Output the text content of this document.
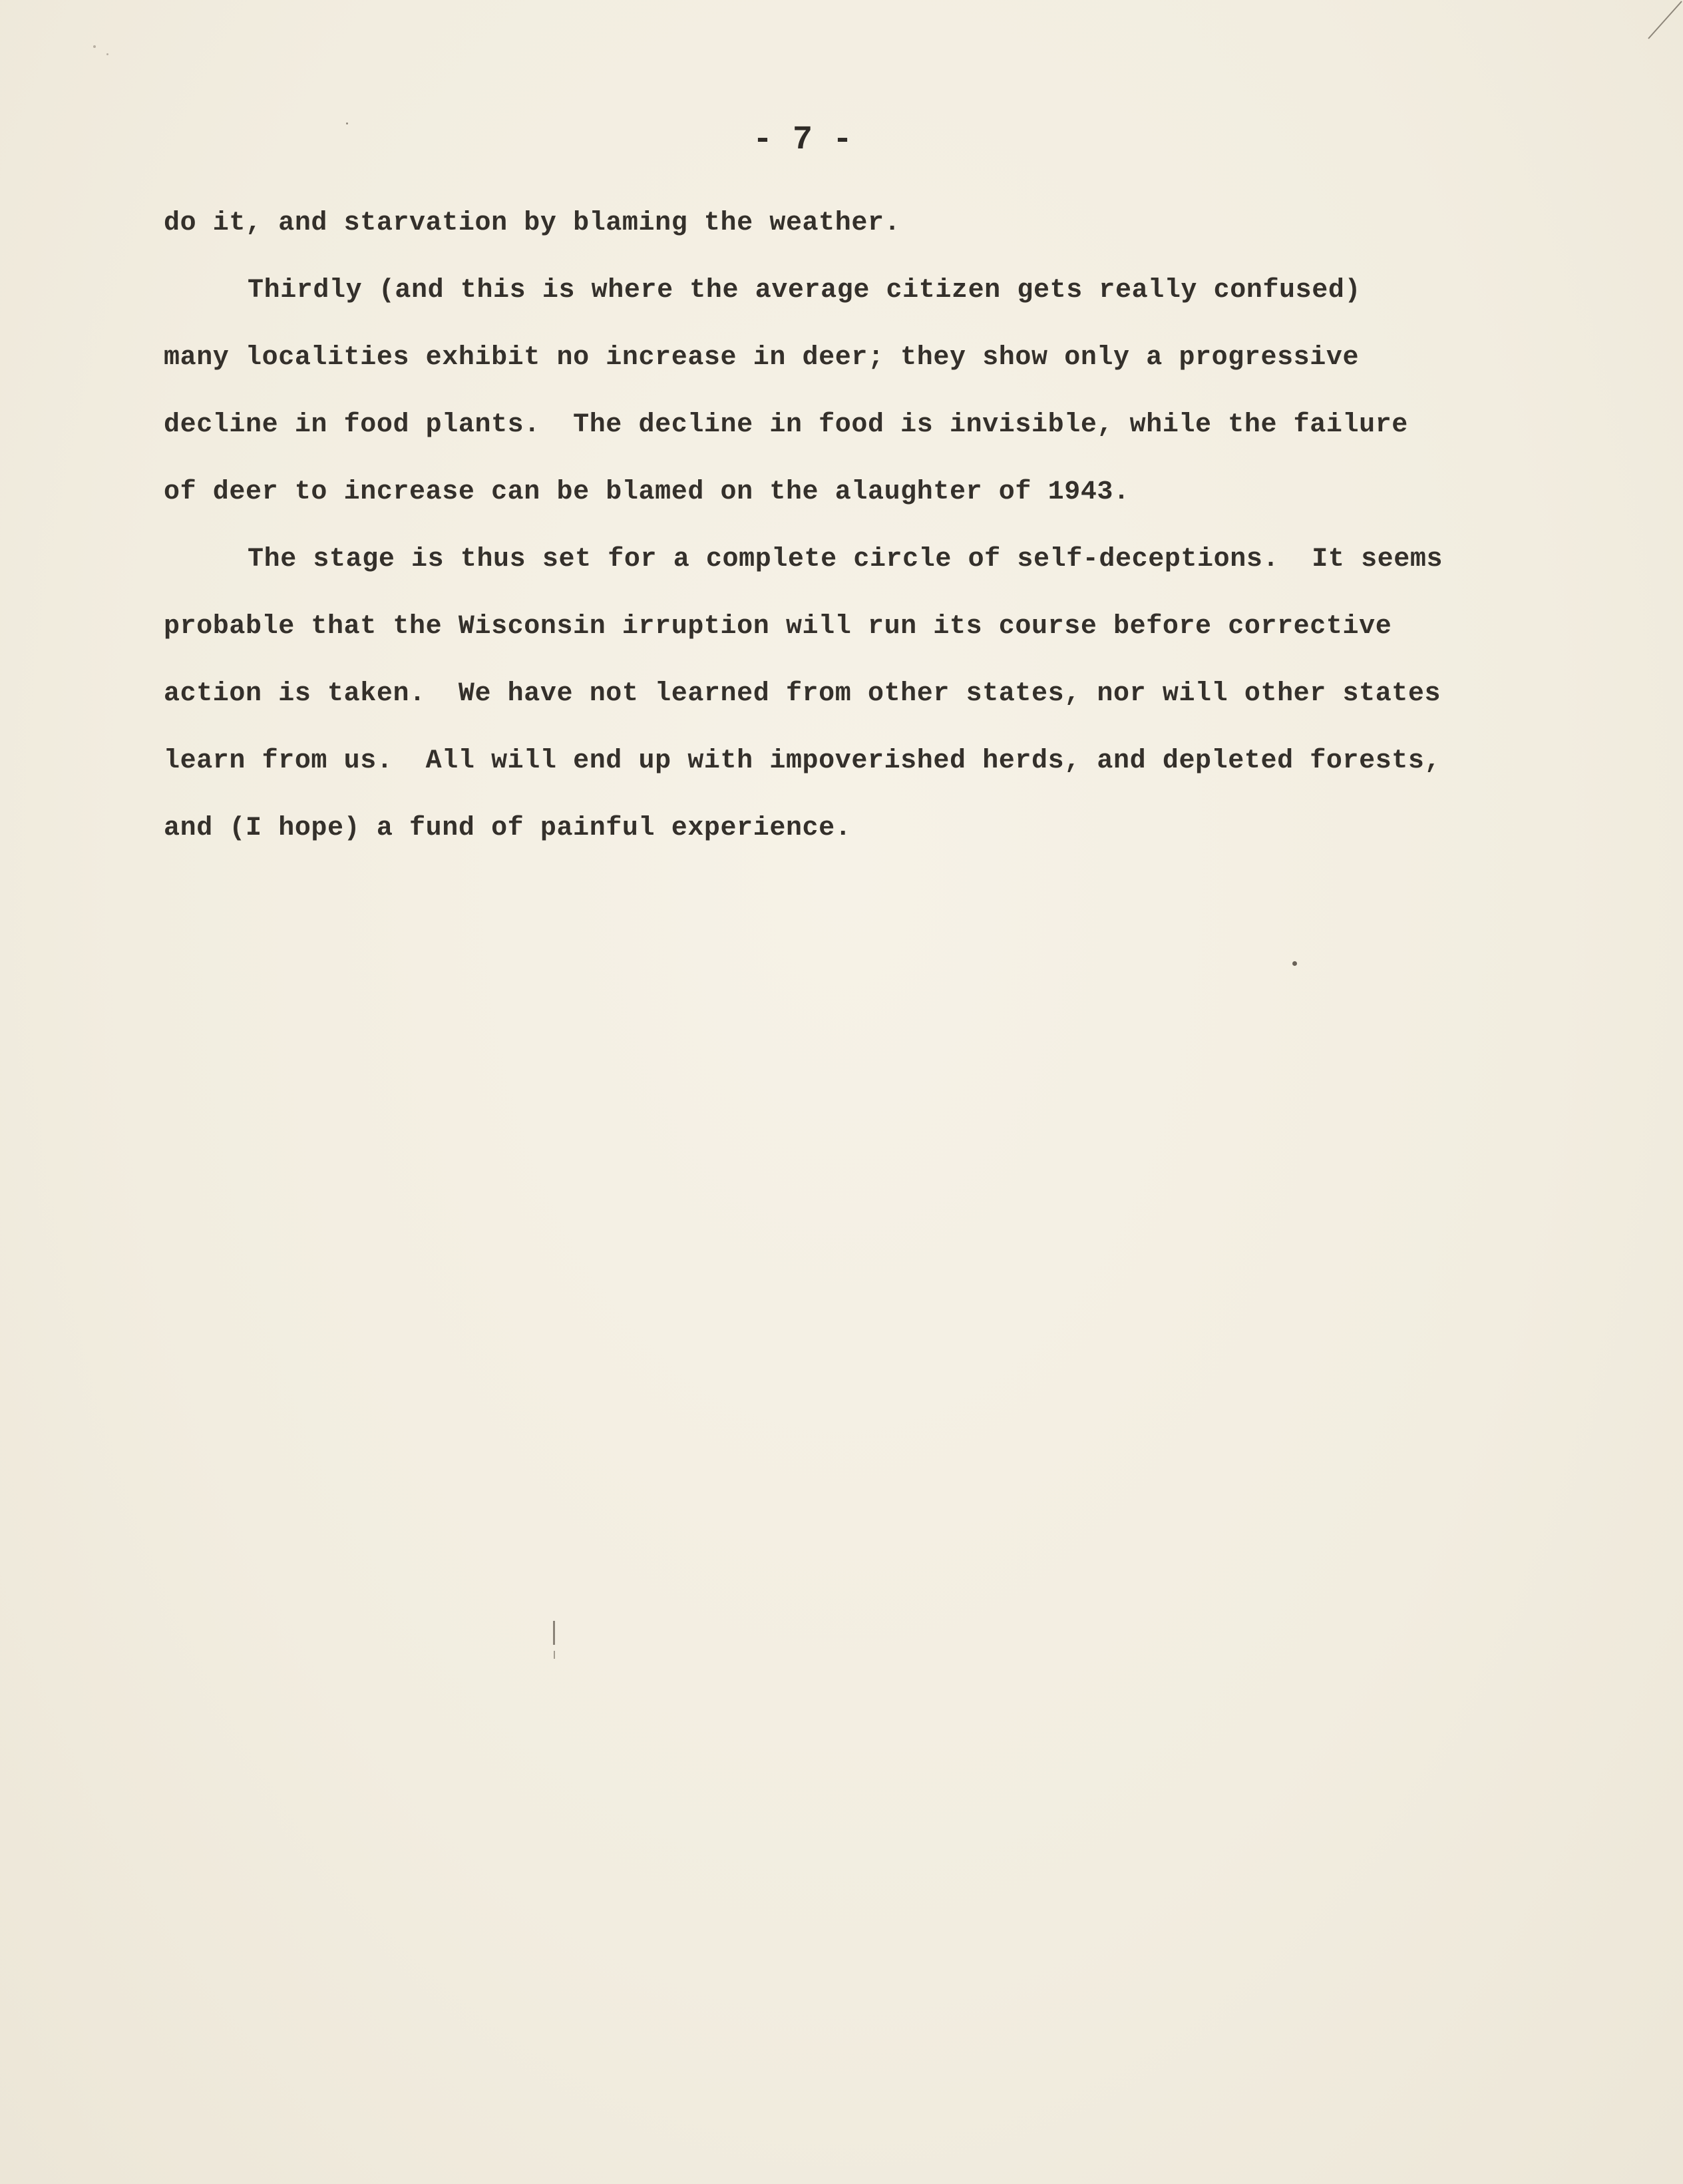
- 7 -
do it, and starvation by blaming the weather.
Thirdly (and this is where the average citizen gets really confused)
many localities exhibit no increase in deer; they show only a progressive
decline in food plants.  The decline in food is invisible, while the failure
of deer to increase can be blamed on the alaughter of 1943.
The stage is thus set for a complete circle of self-deceptions.  It seems
probable that the Wisconsin irruption will run its course before corrective
action is taken.  We have not learned from other states, nor will other states
learn from us.  All will end up with impoverished herds, and depleted forests,
and (I hope) a fund of painful experience.
